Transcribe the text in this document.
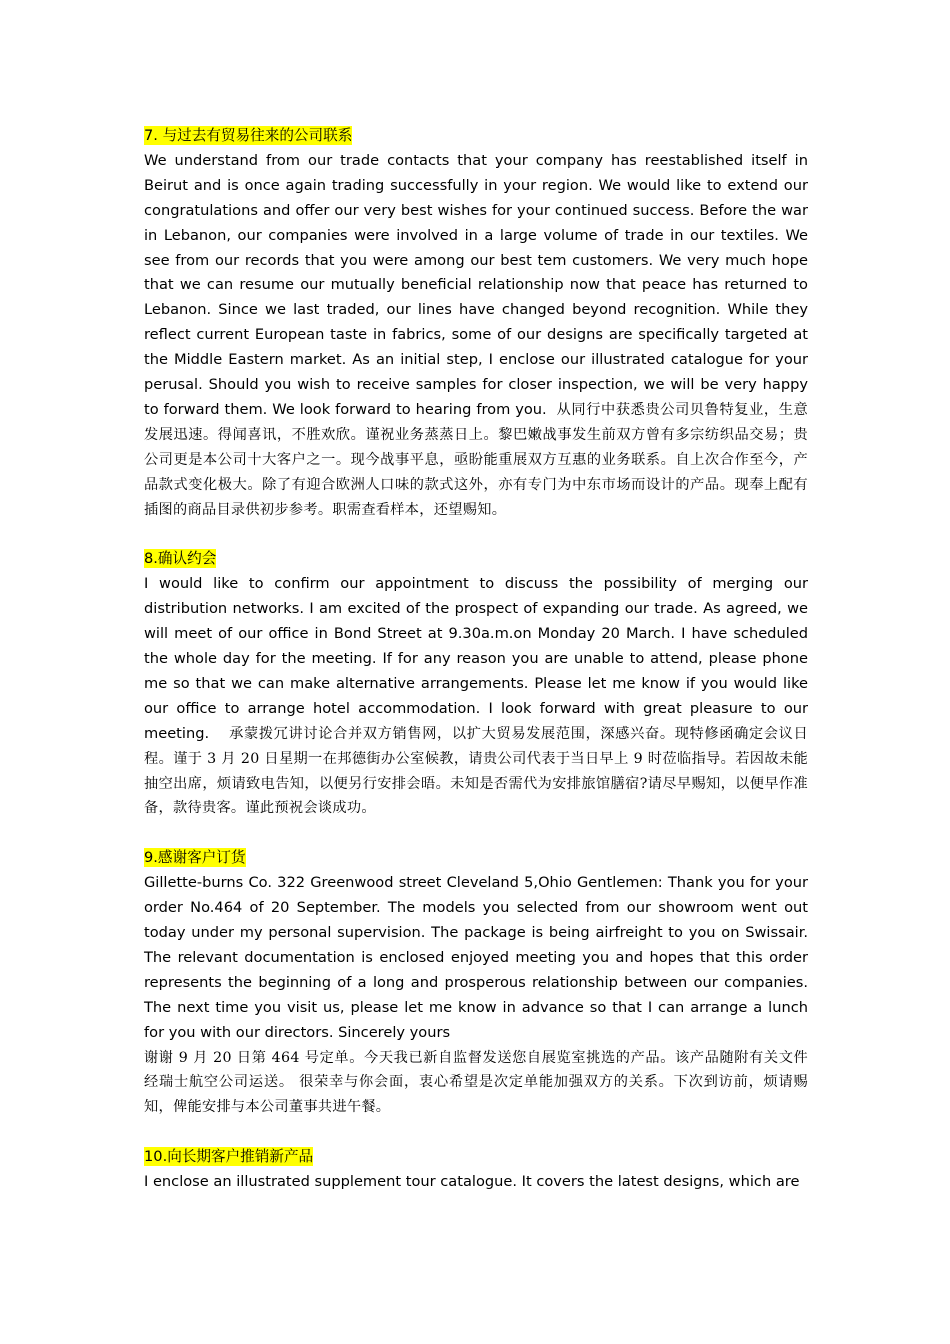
7. 与过去有贸易往来的公司联系
We understand from our trade contacts that your company has reestablished itself in Beirut and is once again trading successfully in your region. We would like to extend our congratulations and offer our very best wishes for your continued success. Before the war in Lebanon, our companies were involved in a large volume of trade in our textiles. We see from our records that you were among our best tem customers. We very much hope that we can resume our mutually beneficial relationship now that peace has returned to Lebanon. Since we last traded, our lines have changed beyond recognition. While they reflect current European taste in fabrics, some of our designs are specifically targeted at the Middle Eastern market. As an initial step, I enclose our illustrated catalogue for your perusal. Should you wish to receive samples for closer inspection, we will be very happy to forward them. We look forward to hearing from you. 从同行中获悉贵公司贝鲁特复业，生意发展迅速。得闻喜讯，不胜欢欣。谨祝业务蒸蒸日上。黎巴嫩战事发生前双方曾有多宗纺织品交易；贵公司更是本公司十大客户之一。现今战事平息，亟盼能重展双方互惠的业务联系。自上次合作至今，产品款式变化极大。除了有迎合欧洲人口味的款式这外，亦有专门为中东市场而设计的产品。现奉上配有插图的商品目录供初步参考。职需查看样本，还望赐知。
8.确认约会
I would like to confirm our appointment to discuss the possibility of merging our distribution networks. I am excited of the prospect of expanding our trade. As agreed, we will meet of our office in Bond Street at 9.30a.m.on Monday 20 March. I have scheduled the whole day for the meeting. If for any reason you are unable to attend, please phone me so that we can make alternative arrangements. Please let me know if you would like our office to arrange hotel accommodation. I look forward with great pleasure to our meeting. 承蒙拨冗讲讨论合并双方销售网，以扩大贸易发展范围，深感兴奋。现特修函确定会议日程。谨于 3 月 20 日星期一在邦德街办公室候教，请贵公司代表于当日早上 9 时莅临指导。若因故未能抽空出席，烦请致电告知，以便另行安排会晤。未知是否需代为安排旅馆膳宿?请尽早赐知，以便早作准备，款待贵客。谨此预祝会谈成功。
9.感谢客户订货
Gillette-burns Co. 322 Greenwood street Cleveland 5,Ohio Gentlemen: Thank you for your order No.464 of 20 September. The models you selected from our showroom went out today under my personal supervision. The package is being airfreight to you on Swissair. The relevant documentation is enclosed enjoyed meeting you and hopes that this order represents the beginning of a long and prosperous relationship between our companies. The next time you visit us, please let me know in advance so that I can arrange a lunch for you with our directors. Sincerely yours
谢谢 9 月 20 日第 464 号定单。今天我已新自监督发送您自展览室挑选的产品。该产品随附有关文件经瑞士航空公司运送。 很荣幸与你会面，衷心希望是次定单能加强双方的关系。下次到访前，烦请赐知，俾能安排与本公司董事共进午餐。
10.向长期客户推销新产品
I enclose an illustrated supplement tour catalogue. It covers the latest designs, which are
